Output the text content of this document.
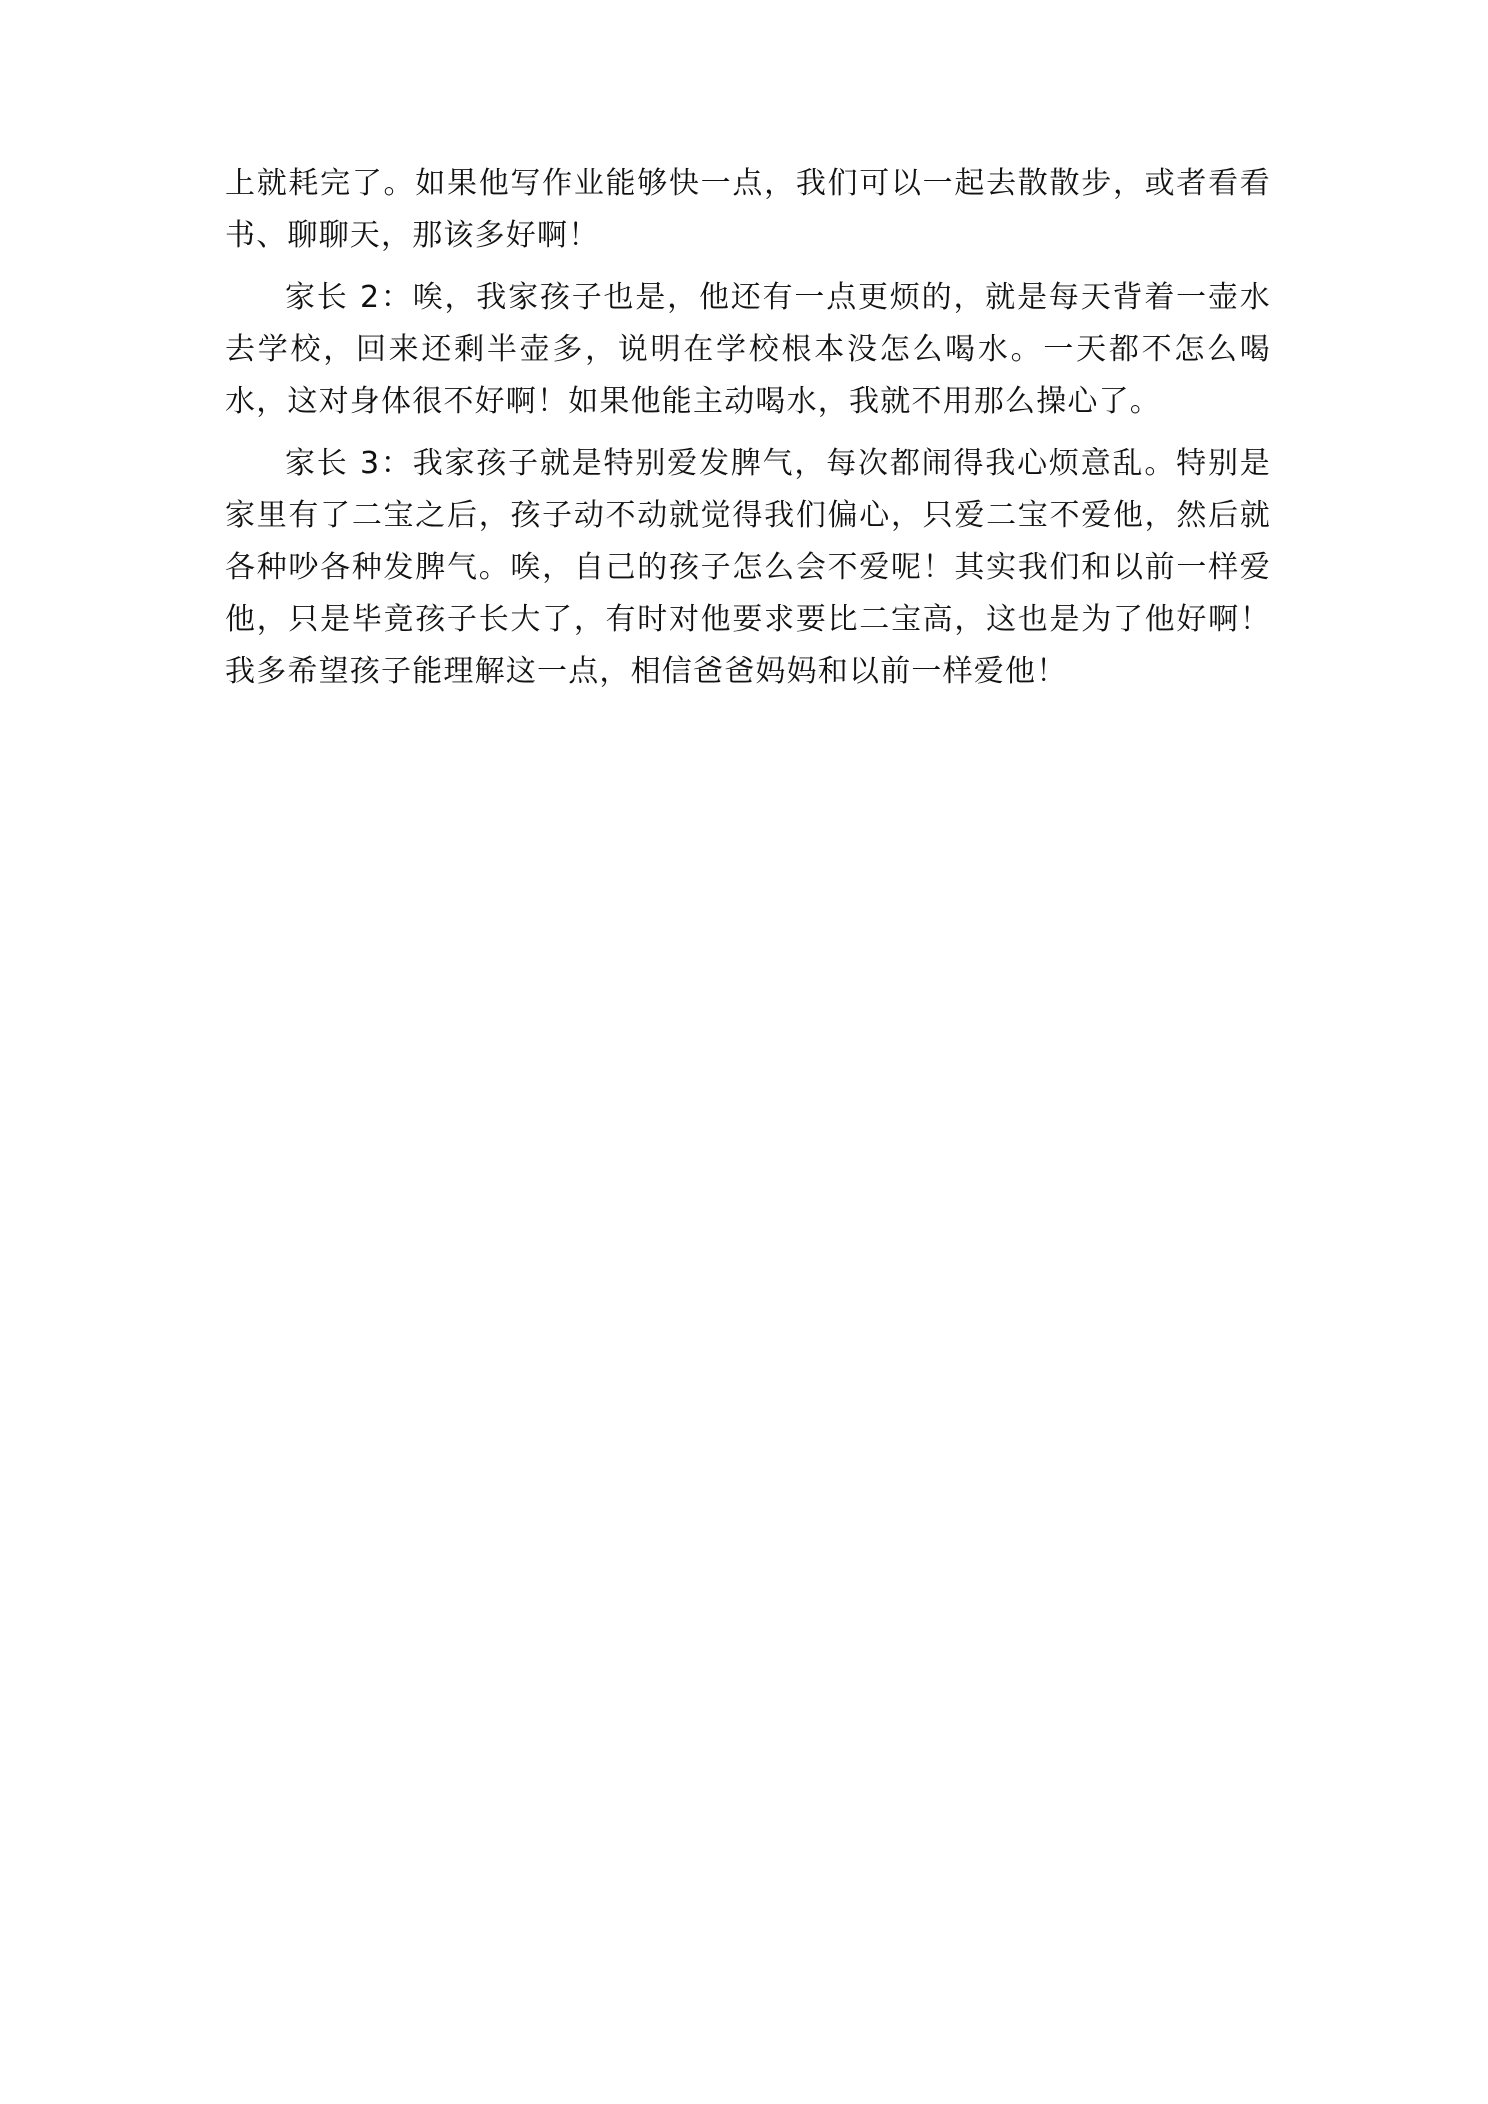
上就耗完了。如果他写作业能够快一点，我们可以一起去散散步，或者看看书、聊聊天，那该多好啊！

家长 2：唉，我家孩子也是，他还有一点更烦的，就是每天背着一壶水去学校，回来还剩半壶多，说明在学校根本没怎么喝水。一天都不怎么喝水，这对身体很不好啊！如果他能主动喝水，我就不用那么操心了。

家长 3：我家孩子就是特别爱发脾气，每次都闹得我心烦意乱。特别是家里有了二宝之后，孩子动不动就觉得我们偏心，只爱二宝不爱他，然后就各种吵各种发脾气。唉，自己的孩子怎么会不爱呢！其实我们和以前一样爱他，只是毕竟孩子长大了，有时对他要求要比二宝高，这也是为了他好啊！我多希望孩子能理解这一点，相信爸爸妈妈和以前一样爱他！
